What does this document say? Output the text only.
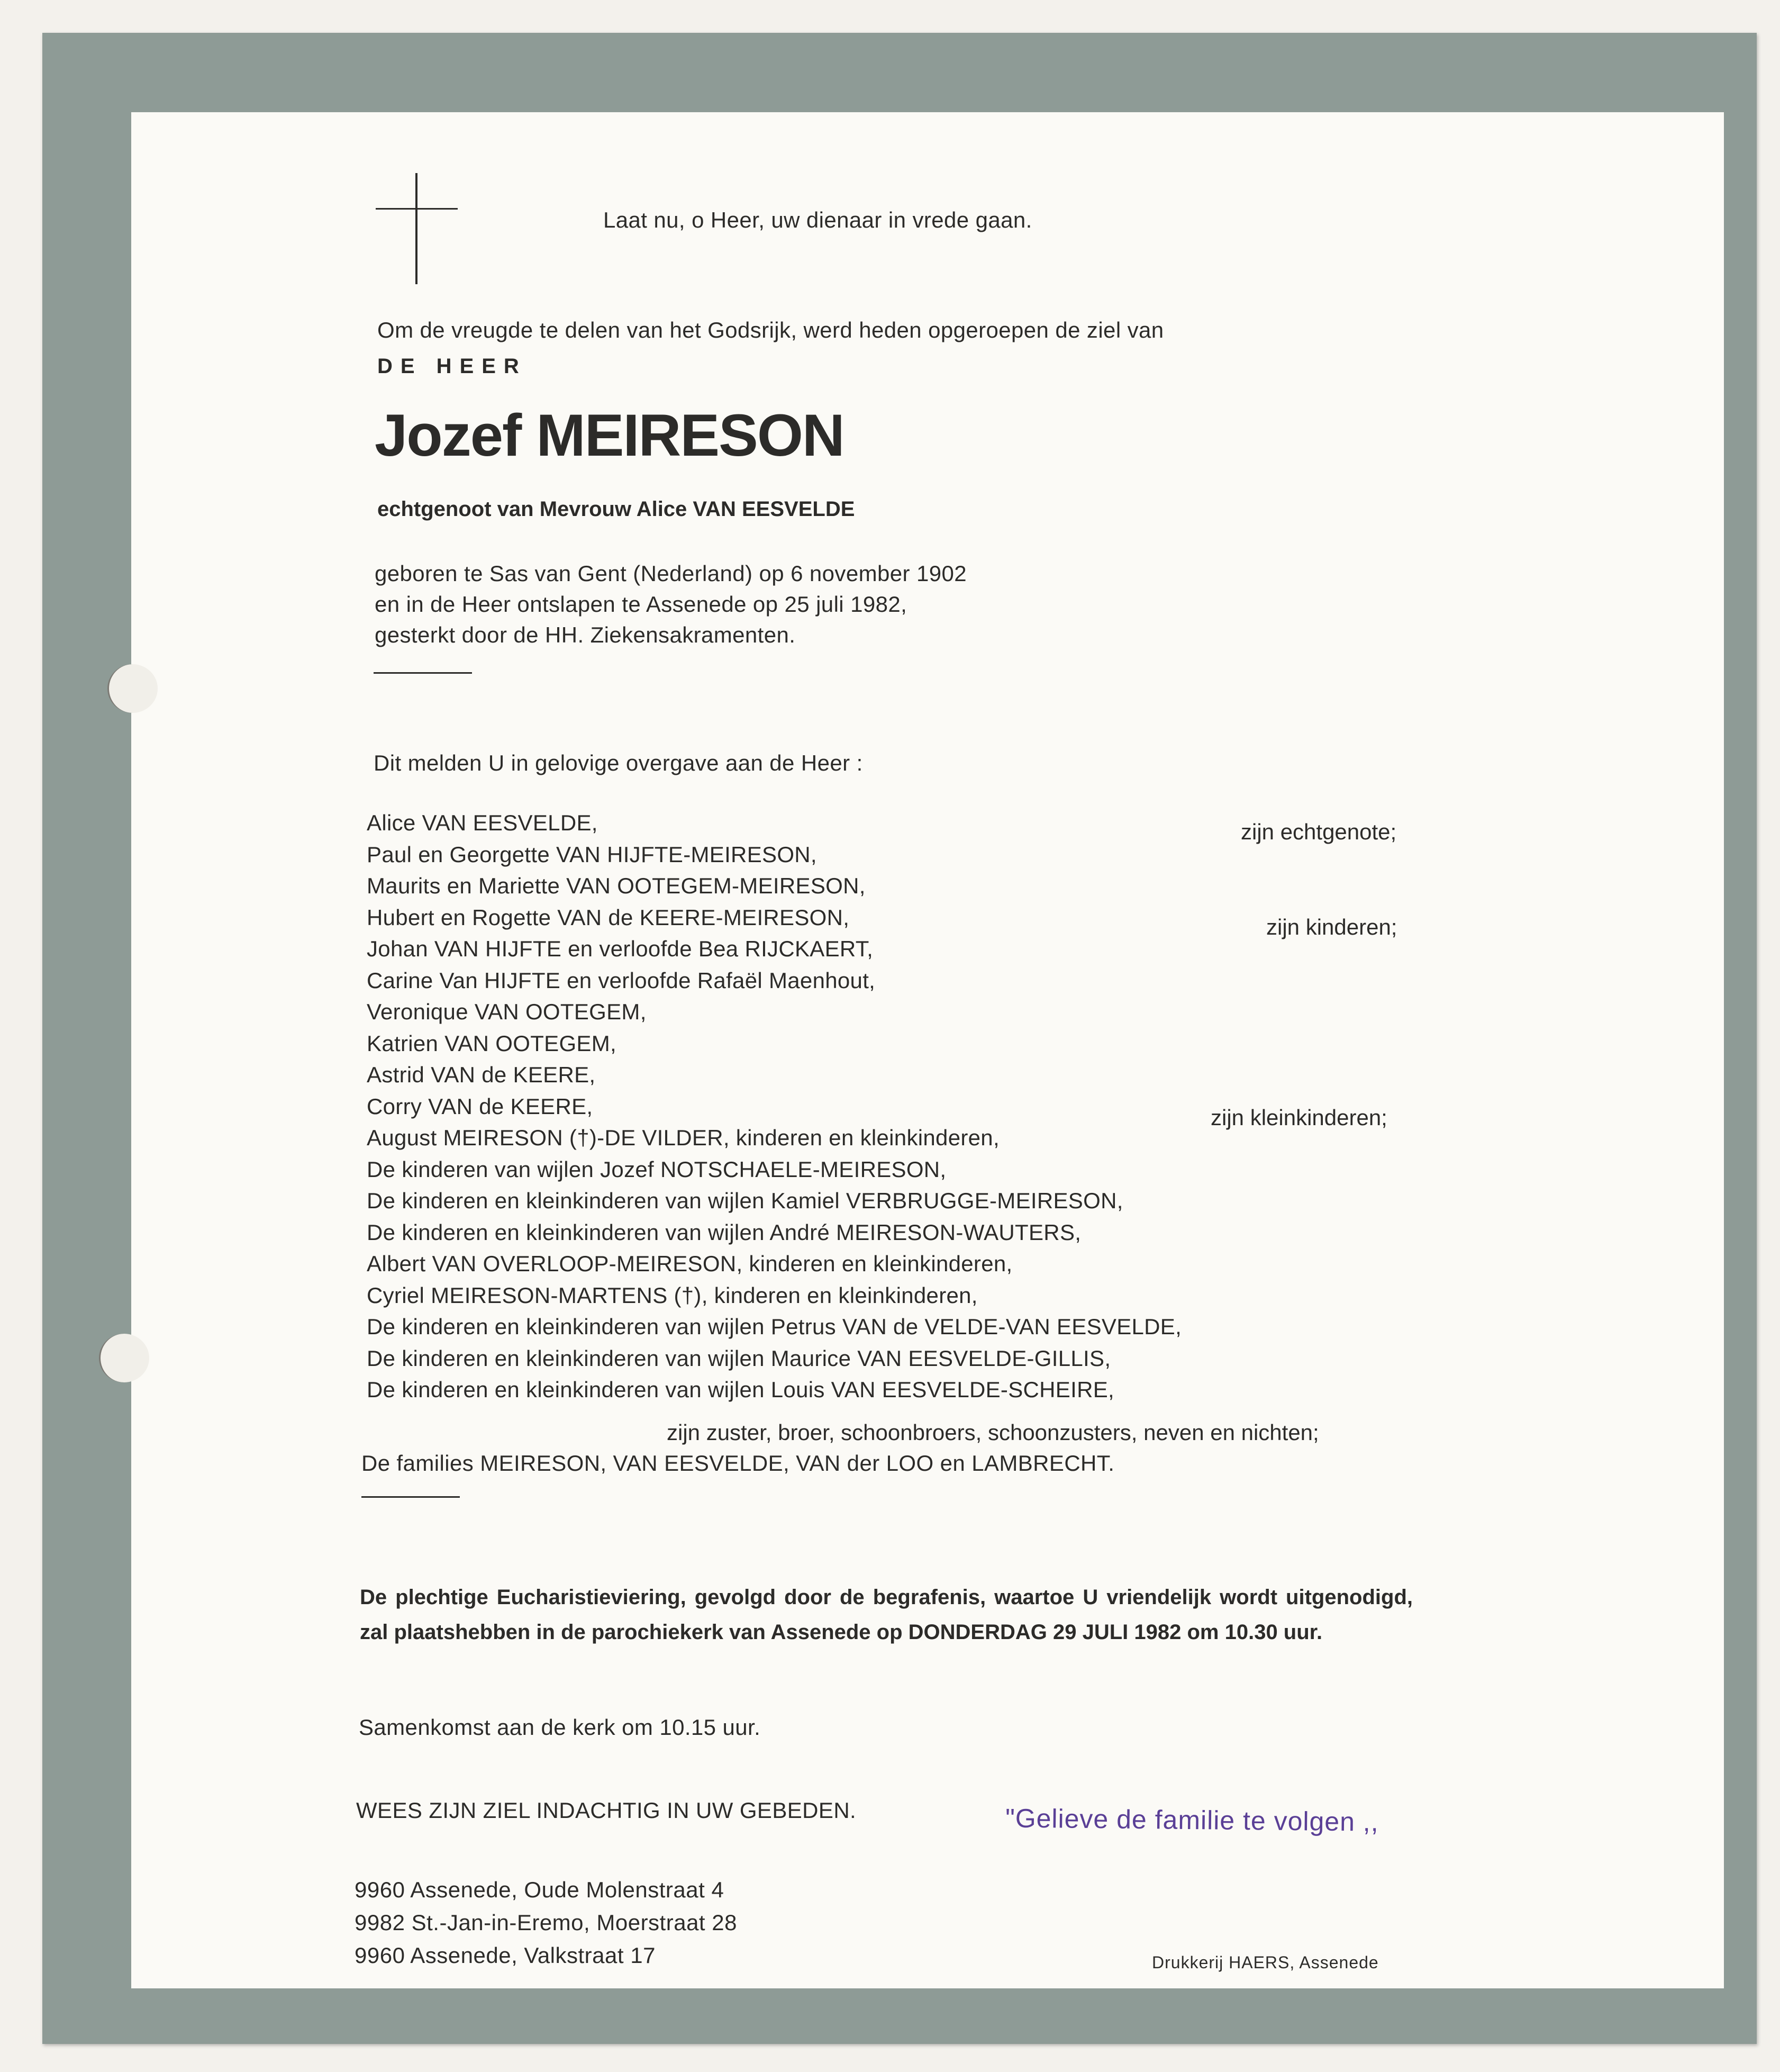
Laat nu, o Heer, uw dienaar in vrede gaan.
Om de vreugde te delen van het Godsrijk, werd heden opgeroepen de ziel van
DE HEER
Jozef MEIRESON
echtgenoot van Mevrouw Alice VAN EESVELDE
geboren te Sas van Gent (Nederland) op 6 november 1902
en in de Heer ontslapen te Assenede op 25 juli 1982,
gesterkt door de HH. Ziekensakramenten.
Dit melden U in gelovige overgave aan de Heer :
Alice VAN EESVELDE,
Paul en Georgette VAN HIJFTE-MEIRESON,
Maurits en Mariette VAN OOTEGEM-MEIRESON,
Hubert en Rogette VAN de KEERE-MEIRESON,
Johan VAN HIJFTE en verloofde Bea RIJCKAERT,
Carine Van HIJFTE en verloofde Rafaël Maenhout,
Veronique VAN OOTEGEM,
Katrien VAN OOTEGEM,
Astrid VAN de KEERE,
Corry VAN de KEERE,
August MEIRESON (†)-DE VILDER, kinderen en kleinkinderen,
De kinderen van wijlen Jozef NOTSCHAELE-MEIRESON,
De kinderen en kleinkinderen van wijlen Kamiel VERBRUGGE-MEIRESON,
De kinderen en kleinkinderen van wijlen André MEIRESON-WAUTERS,
Albert VAN OVERLOOP-MEIRESON, kinderen en kleinkinderen,
Cyriel MEIRESON-MARTENS (†), kinderen en kleinkinderen,
De kinderen en kleinkinderen van wijlen Petrus VAN de VELDE-VAN EESVELDE,
De kinderen en kleinkinderen van wijlen Maurice VAN EESVELDE-GILLIS,
De kinderen en kleinkinderen van wijlen Louis VAN EESVELDE-SCHEIRE,
zijn echtgenote;
zijn kinderen;
zijn kleinkinderen;
zijn zuster, broer, schoonbroers, schoonzusters, neven en nichten;
De families MEIRESON, VAN EESVELDE, VAN der LOO en LAMBRECHT.
De plechtige Eucharistieviering, gevolgd door de begrafenis, waartoe U vriendelijk wordt uitgenodigd, zal plaatshebben in de parochiekerk van Assenede op DONDERDAG 29 JULI 1982 om 10.30 uur.
Samenkomst aan de kerk om 10.15 uur.
WEES ZIJN ZIEL INDACHTIG IN UW GEBEDEN.	"Gelieve de familie te volgen ,,
9960 Assenede, Oude Molenstraat 4
9982 St.-Jan-in-Eremo, Moerstraat 28
9960 Assenede, Valkstraat 17	Drukkerij HAERS, Assenede
